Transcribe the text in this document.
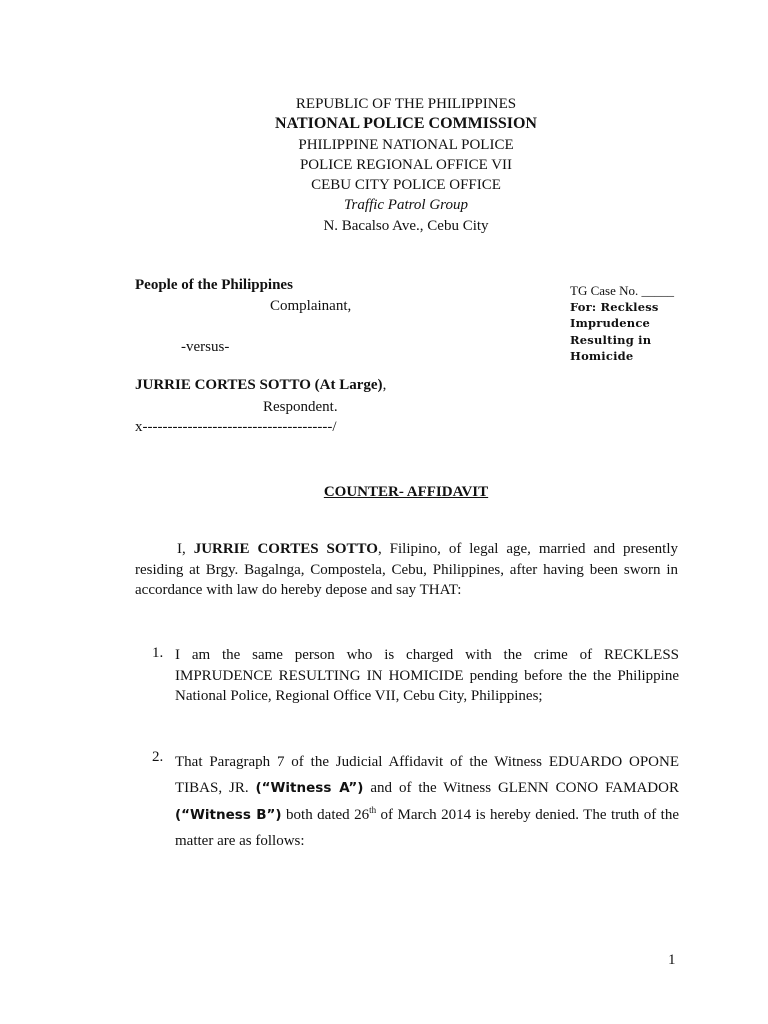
REPUBLIC OF THE PHILIPPINES
NATIONAL POLICE COMMISSION
PHILIPPINE NATIONAL POLICE
POLICE REGIONAL OFFICE VII
CEBU CITY POLICE OFFICE
Traffic Patrol Group
N. Bacalso Ave., Cebu City
People of the Philippines
Complainant,
-versus-
JURRIE CORTES SOTTO (At Large),
Respondent.
x--------------------------------------/
TG Case No. _____
For: Reckless
Imprudence
Resulting in
Homicide
COUNTER- AFFIDAVIT
I, JURRIE CORTES SOTTO, Filipino, of legal age, married and presently residing at Brgy. Bagalnga, Compostela, Cebu, Philippines, after having been sworn in accordance with law do hereby depose and say THAT:
1. I am the same person who is charged with the crime of RECKLESS IMPRUDENCE RESULTING IN HOMICIDE pending before the the Philippine National Police, Regional Office VII, Cebu City, Philippines;
2. That Paragraph 7 of the Judicial Affidavit of the Witness EDUARDO OPONE TIBAS, JR. (“Witness A”) and of the Witness GLENN CONO FAMADOR (“Witness B”) both dated 26th of March 2014 is hereby denied. The truth of the matter are as follows:
1
